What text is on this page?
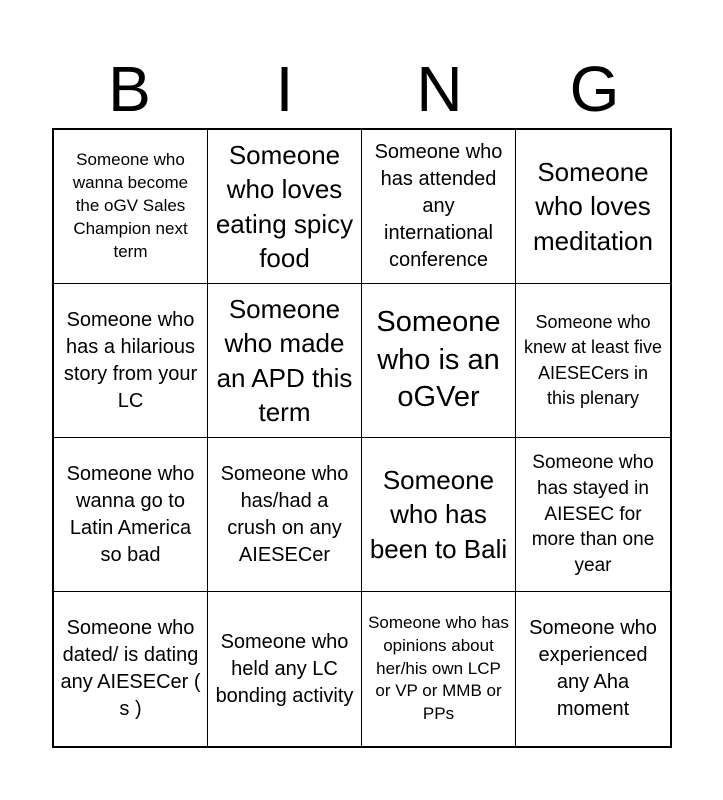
B	I	N	G
Someone who wanna become the oGV Sales Champion next term
Someone who loves eating spicy food
Someone who has attended any international conference
Someone who loves meditation
Someone who has a hilarious story from your LC
Someone who made an APD this term
Someone who is an oGVer
Someone who knew at least five AIESECers in this plenary
Someone who wanna go to Latin America so bad
Someone who has/had a crush on any AIESECer
Someone who has been to Bali
Someone who has stayed in AIESEC for more than one year
Someone who dated/ is dating any AIESECer ( s )
Someone who held any LC bonding activity
Someone who has opinions about her/his own LCP or VP or MMB or PPs
Someone who experienced any Aha moment
